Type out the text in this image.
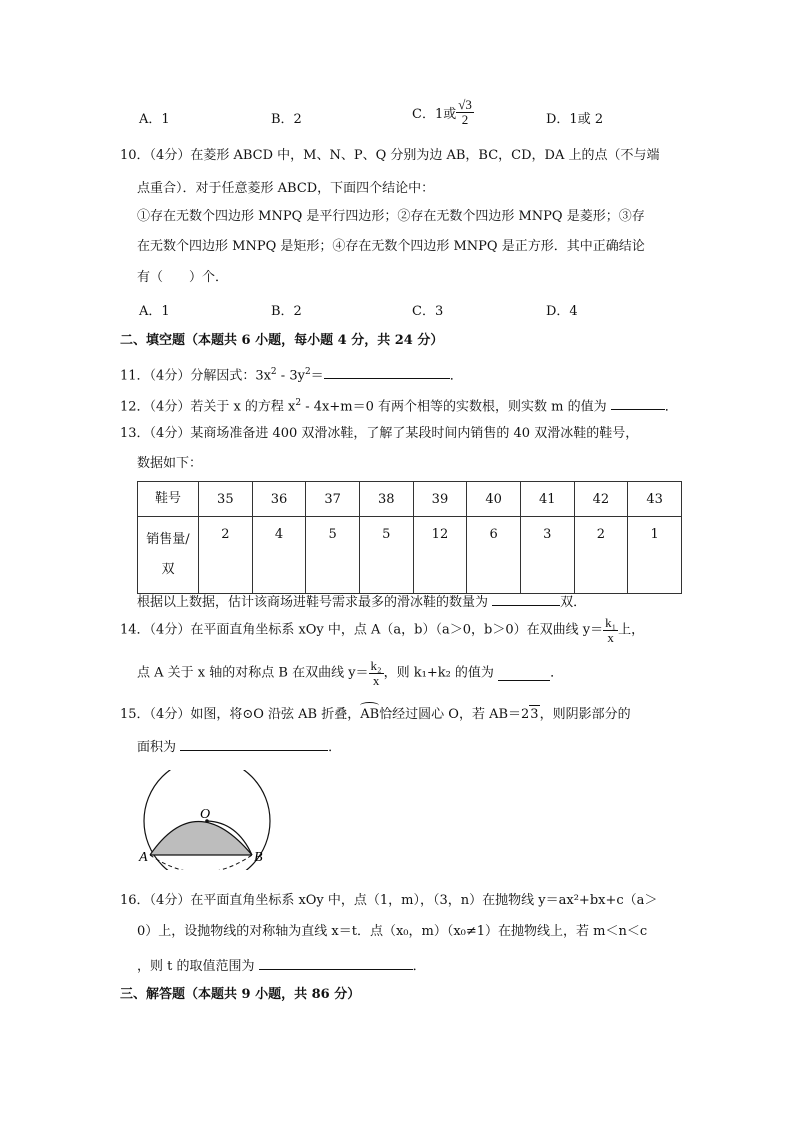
A．1	B．2	C．1或 $\frac{√3}{2}$	D．1或 2
10．（4分）在菱形 ABCD 中，M、N、P、Q 分别为边 AB，BC，CD，DA 上的点（不与端
点重合）．对于任意菱形 ABCD，下面四个结论中：
①存在无数个四边形 MNPQ 是平行四边形；②存在无数个四边形 MNPQ 是菱形；③存
在无数个四边形 MNPQ 是矩形；④存在无数个四边形 MNPQ 是正方形．其中正确结论
有（　　）个．
A．1	B．2	C．3	D．4
二、填空题（本题共 6 小题，每小题 4 分，共 24 分）
11．（4分）分解因式：$3x^2 - 3y^2=$	．
12．（4分）若关于 x 的方程 $x^2 - 4x+m=0$ 有两个相等的实数根，则实数 m 的值为	．
13．（4分）某商场准备进 400 双滑冰鞋，了解了某段时间内销售的 40 双滑冰鞋的鞋号，
数据如下：
鞋号	35	36	37	38	39	40	41	42	43
销售量/
双	2	4	5	5	12	6	3	2	1
根据以上数据，估计该商场进鞋号需求最多的滑冰鞋的数量为	双．
14．（4分）在平面直角坐标系 xOy 中，点 A（a，b）（a＞0，b＞0）在双曲线 $y= \frac{\text{k₁}}{x}$ 上，
点 A 关于 x 轴的对称点 B 在双曲线 $y= \frac{\text{k₂}}{x}$ ，则 k₁+k₂ 的值为	．
15．（4分）如图，将⊙O 沿弦 AB 折叠，AB恰经过圆心 O，若 AB＝23，则阴影部分的
面积为	．
O
A	B
16．（4分）在平面直角坐标系 xOy 中，点（1，m），（3，n）在抛物线 y＝ax²+bx+c（a＞
0）上，设抛物线的对称轴为直线 x＝t．点（x₀，m）（x₀≠1）在抛物线上，若 m＜n＜c
，则 t 的取值范围为	．
三、解答题（本题共 9 小题，共 86 分）
